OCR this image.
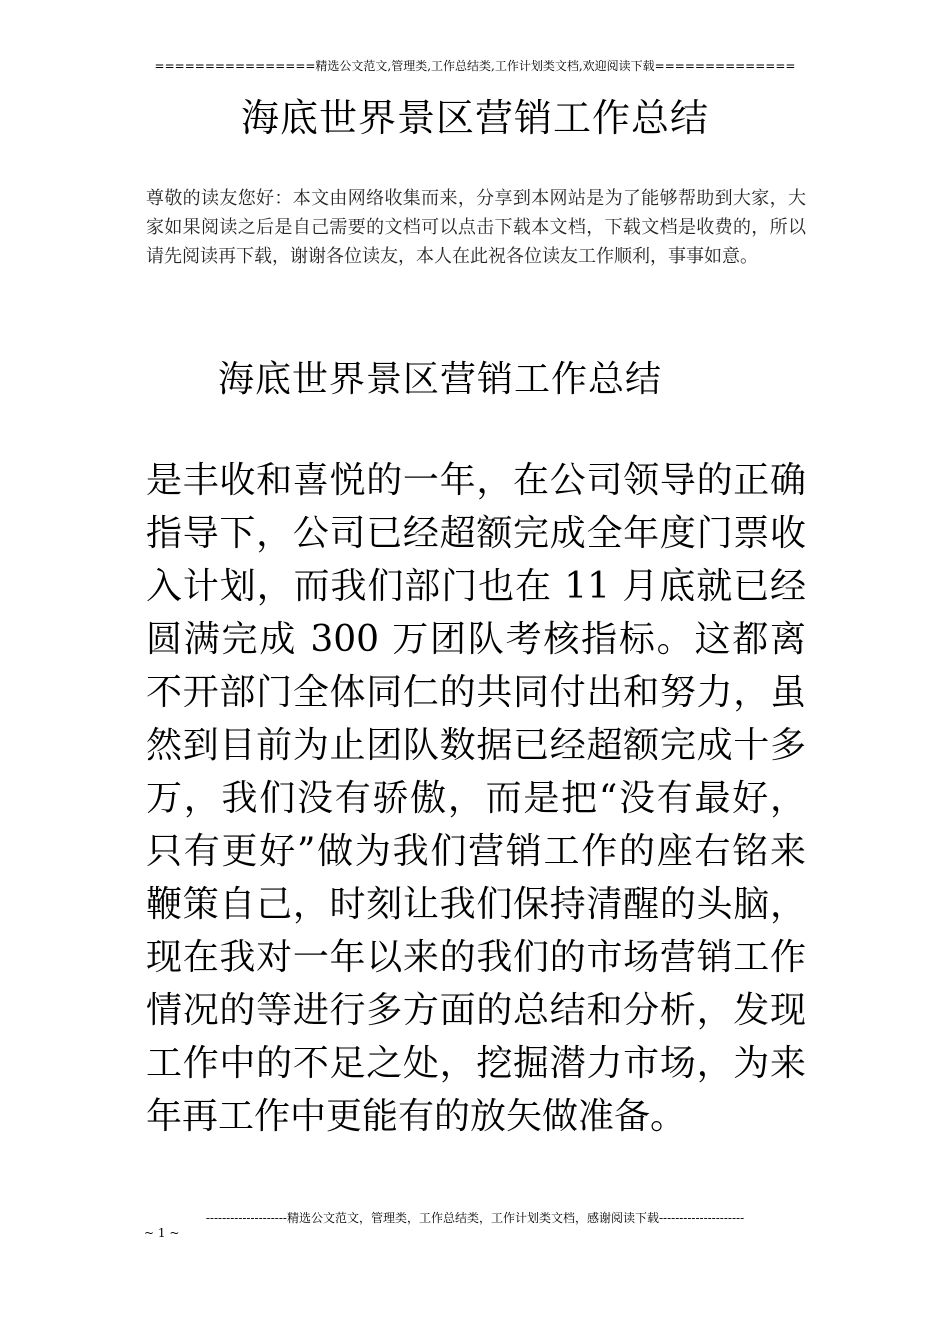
================精选公文范文,管理类,工作总结类,工作计划类文档,欢迎阅读下载==============
海底世界景区营销工作总结
尊敬的读友您好：本文由网络收集而来，分享到本网站是为了能够帮助到大家，大家如果阅读之后是自己需要的文档可以点击下载本文档，下载文档是收费的，所以请先阅读再下载，谢谢各位读友，本人在此祝各位读友工作顺利，事事如意。
海底世界景区营销工作总结
是丰收和喜悦的一年，在公司领导的正确指导下，公司已经超额完成全年度门票收入计划，而我们部门也在 11 月底就已经圆满完成 300 万团队考核指标。这都离不开部门全体同仁的共同付出和努力，虽然到目前为止团队数据已经超额完成十多万，我们没有骄傲，而是把“没有最好，只有更好”做为我们营销工作的座右铭来鞭策自己，时刻让我们保持清醒的头脑，现在我对一年以来的我们的市场营销工作情况的等进行多方面的总结和分析，发现工作中的不足之处，挖掘潜力市场，为来年再工作中更能有的放矢做准备。
--------------------精选公文范文，管理类，工作总结类，工作计划类文档，感谢阅读下载---------------------
~ 1 ~
